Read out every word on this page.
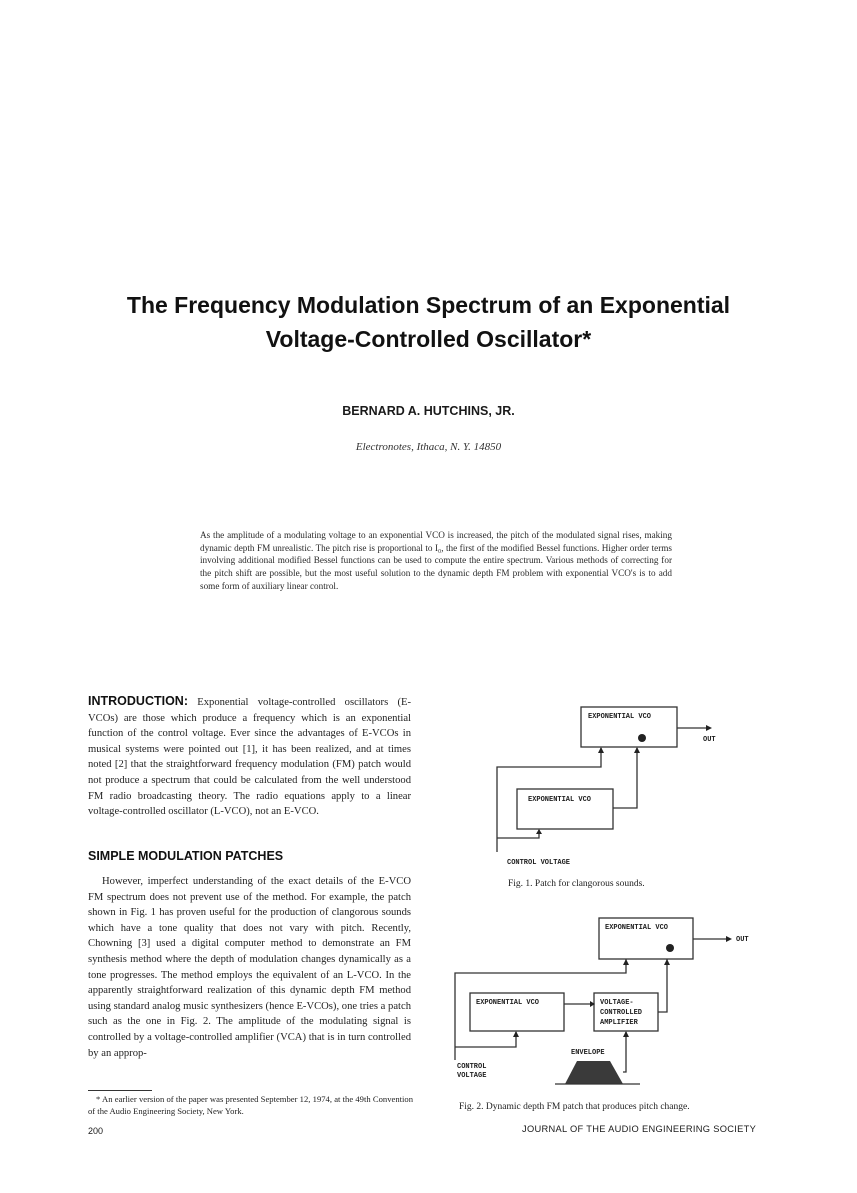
The Frequency Modulation Spectrum of an Exponential
Voltage-Controlled Oscillator*
BERNARD A. HUTCHINS, JR.
Electronotes, Ithaca, N. Y. 14850
As the amplitude of a modulating voltage to an exponential VCO is increased, the pitch of the modulated signal rises, making dynamic depth FM unrealistic. The pitch rise is proportional to I₀, the first of the modified Bessel functions. Higher order terms involving additional modified Bessel functions can be used to compute the entire spectrum. Various methods of correcting for the pitch shift are possible, but the most useful solution to the dynamic depth FM problem with exponential VCO's is to add some form of auxiliary linear control.
INTRODUCTION: Exponential voltage-controlled oscillators (E-VCOs) are those which produce a frequency which is an exponential function of the control voltage. Ever since the advantages of E-VCOs in musical systems were pointed out [1], it has been realized, and at times noted [2] that the straightforward frequency modulation (FM) patch would not produce a spectrum that could be calculated from the well understood FM radio broadcasting theory. The radio equations apply to a linear voltage-controlled oscillator (L-VCO), not an E-VCO.
SIMPLE MODULATION PATCHES
However, imperfect understanding of the exact details of the E-VCO FM spectrum does not prevent use of the method. For example, the patch shown in Fig. 1 has proven useful for the production of clangorous sounds which have a tone quality that does not vary with pitch. Recently, Chowning [3] used a digital computer method to demonstrate an FM synthesis method where the depth of modulation changes dynamically as a tone progresses. The method employs the equivalent of an L-VCO. In the apparently straightforward realization of this dynamic depth FM method using standard analog music synthesizers (hence E-VCOs), one tries a patch such as the one in Fig. 2. The amplitude of the modulating signal is controlled by a voltage-controlled amplifier (VCA) that is in turn controlled by an approp-
* An earlier version of the paper was presented September 12, 1974, at the 49th Convention of the Audio Engineering Society, New York.
200	JOURNAL OF THE AUDIO ENGINEERING SOCIETY
EXPONENTIAL VCO
OUT
EXPONENTIAL VCO
CONTROL VOLTAGE
Fig. 1. Patch for clangorous sounds.
EXPONENTIAL VCO
OUT
EXPONENTIAL VCO	VOLTAGE-
CONTROLLED
AMPLIFIER
CONTROL
VOLTAGE
ENVELOPE
Fig. 2. Dynamic depth FM patch that produces pitch change.
